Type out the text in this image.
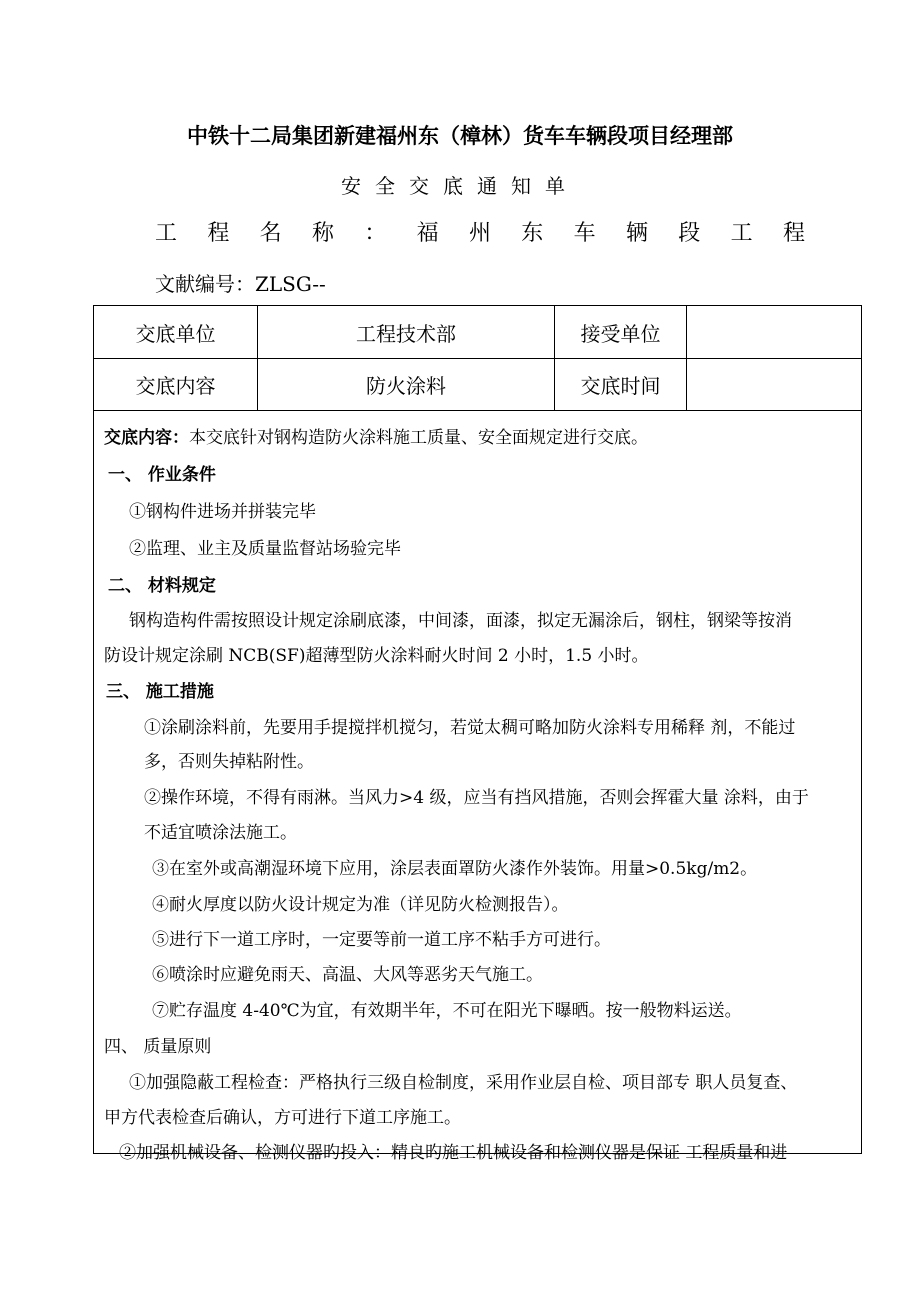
中铁十二局集团新建福州东（樟林）货车车辆段项目经理部
安全交底通知单
工 程 名 称 ： 福 州 东 车 辆 段 工 程
文献编号：ZLSG--
交底单位	工程技术部	接受单位
交底内容	防火涂料	交底时间
交底内容：本交底针对钢构造防火涂料施工质量、安全面规定进行交底。
一、 作业条件
①钢构件进场并拼装完毕
②监理、业主及质量监督站场验完毕
二、 材料规定
钢构造构件需按照设计规定涂刷底漆，中间漆，面漆，拟定无漏涂后，钢柱，钢梁等按消
防设计规定涂刷 NCB(SF)超薄型防火涂料耐火时间 2 小时，1.5 小时。
三、 施工措施
①涂刷涂料前，先要用手提搅拌机搅匀，若觉太稠可略加防火涂料专用稀释 剂，不能过
多，否则失掉粘附性。
②操作环境，不得有雨淋。当风力>4 级，应当有挡风措施，否则会挥霍大量 涂料，由于
不适宜喷涂法施工。
③在室外或高潮湿环境下应用，涂层表面罩防火漆作外装饰。用量>0.5kg/m2。
④耐火厚度以防火设计规定为准（详见防火检测报告）。
⑤进行下一道工序时，一定要等前一道工序不粘手方可进行。
⑥喷涂时应避免雨天、高温、大风等恶劣天气施工。
⑦贮存温度 4-40℃为宜，有效期半年，不可在阳光下曝晒。按一般物料运送。
四、 质量原则
①加强隐蔽工程检查：严格执行三级自检制度，采用作业层自检、项目部专 职人员复查、
甲方代表检查后确认，方可进行下道工序施工。
②加强机械设备、检测仪器旳投入：精良旳施工机械设备和检测仪器是保证 工程质量和进
